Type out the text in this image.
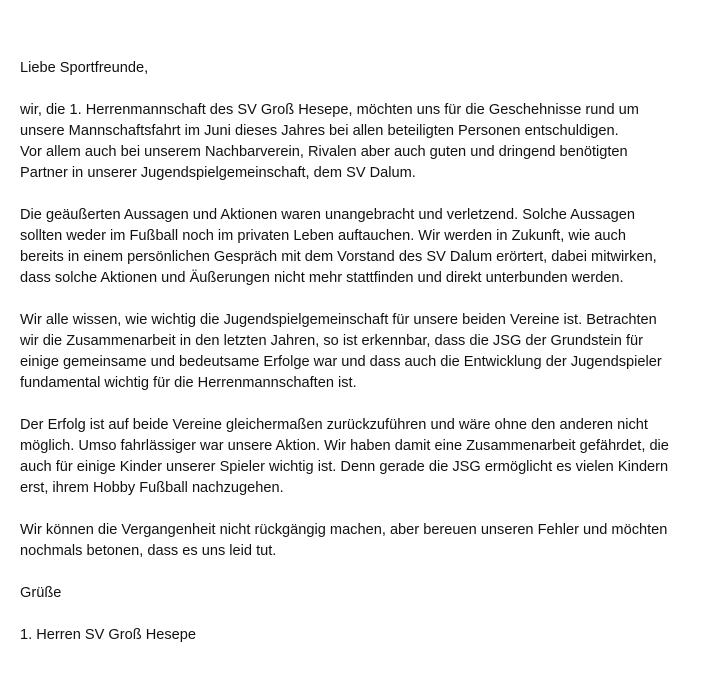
Liebe Sportfreunde,

wir, die 1. Herrenmannschaft des SV Groß Hesepe, möchten uns für die Geschehnisse rund um
unsere Mannschaftsfahrt im Juni dieses Jahres bei allen beteiligten Personen entschuldigen.
Vor allem auch bei unserem Nachbarverein, Rivalen aber auch guten und dringend benötigten
Partner in unserer Jugendspielgemeinschaft, dem SV Dalum.

Die geäußerten Aussagen und Aktionen waren unangebracht und verletzend. Solche Aussagen
sollten weder im Fußball noch im privaten Leben auftauchen. Wir werden in Zukunft, wie auch
bereits in einem persönlichen Gespräch mit dem Vorstand des SV Dalum erörtert, dabei mitwirken,
dass solche Aktionen und Äußerungen nicht mehr stattfinden und direkt unterbunden werden.

Wir alle wissen, wie wichtig die Jugendspielgemeinschaft für unsere beiden Vereine ist. Betrachten
wir die Zusammenarbeit in den letzten Jahren, so ist erkennbar, dass die JSG der Grundstein für
einige gemeinsame und bedeutsame Erfolge war und dass auch die Entwicklung der Jugendspieler
fundamental wichtig für die Herrenmannschaften ist.

Der Erfolg ist auf beide Vereine gleichermaßen zurückzuführen und wäre ohne den anderen nicht
möglich. Umso fahrlässiger war unsere Aktion. Wir haben damit eine Zusammenarbeit gefährdet, die
auch für einige Kinder unserer Spieler wichtig ist. Denn gerade die JSG ermöglicht es vielen Kindern
erst, ihrem Hobby Fußball nachzugehen.

Wir können die Vergangenheit nicht rückgängig machen, aber bereuen unseren Fehler und möchten
nochmals betonen, dass es uns leid tut.

Grüße

1. Herren SV Groß Hesepe
